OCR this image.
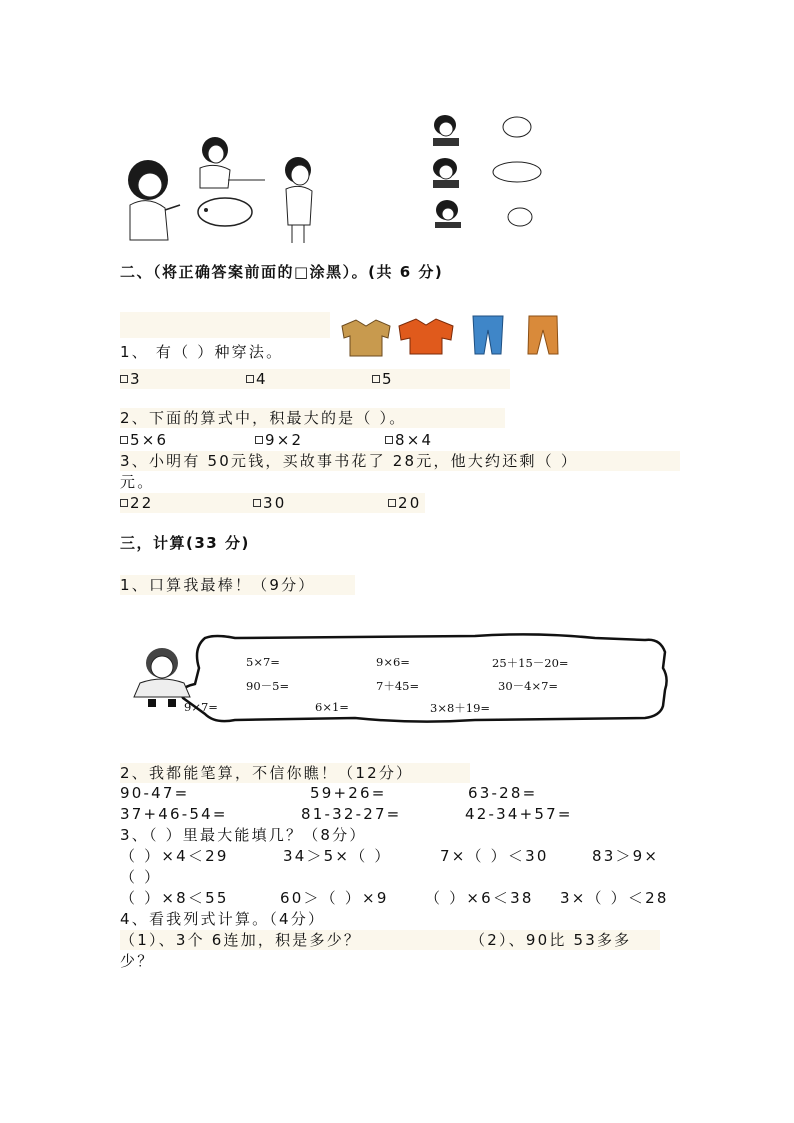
二、（将正确答案前面的□涂黑）。(共 6 分)
1、 有（ ）种穿法。
3	4	5
2、下面的算式中，积最大的是（ ）。
5×6	9×2	8×4
3、小明有 50元钱，买故事书花了 28元，他大约还剩（ ）
元。
22	30	20
三，计算(33 分)
1、口算我最棒！（9分）
5×7=	9×6=	25＋15－20=
90－5=	7＋45=	30－4×7=
9×7=	6×1=	3×8＋19=
2、我都能笔算，不信你瞧！（12分）
90-47=	59+26=	63-28=
37+46-54=	81-32-27=	42-34+57=
3、（ ）里最大能填几？（8分）
（ ）×4＜29	34＞5×（ ）	7×（ ）＜30	83＞9×
（ ）
（ ）×8＜55	60＞（ ）×9 （ ）×6＜38 3×（ ）＜28
4、看我列式计算。（4分）
（1）、3个 6连加，积是多少？	（2）、90比 53多多
少？
